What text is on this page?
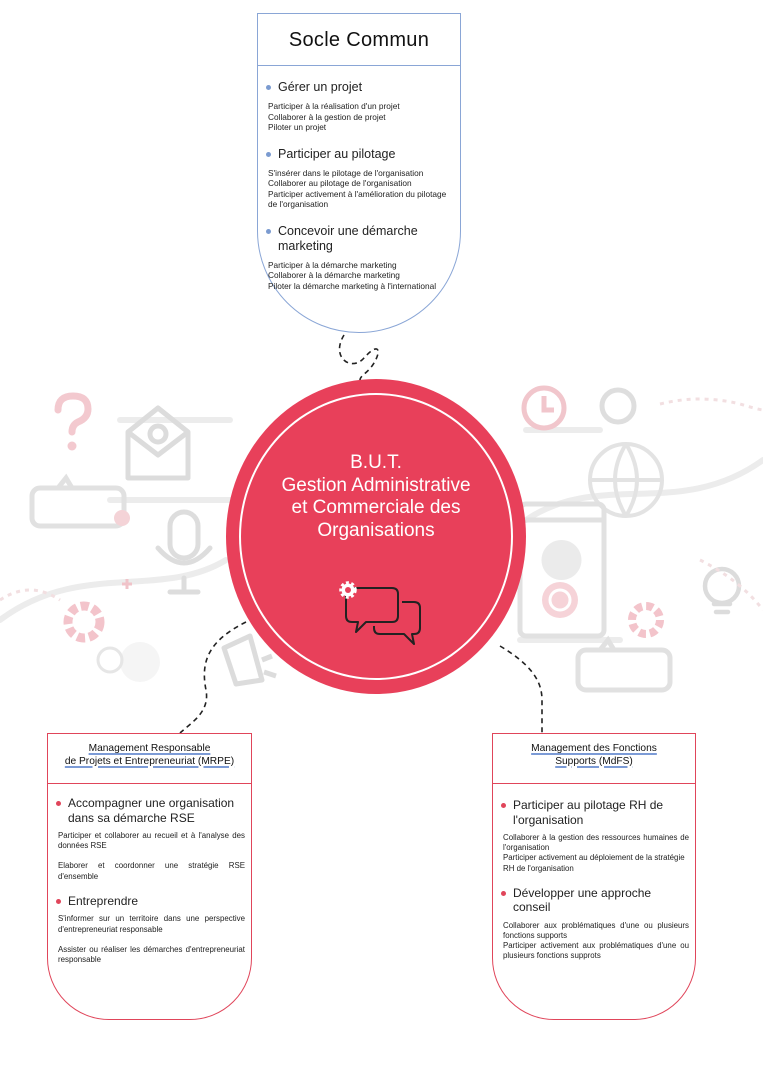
Socle Commun
Gérer un projet
Participer à la réalisation d'un projet
Collaborer à la gestion de projet
Piloter un projet
Participer au pilotage
S'insérer dans le pilotage de l'organisation
Collaborer au pilotage de l'organisation
Participer activement à l'amélioration du pilotage de l'organisation
Concevoir une démarche marketing
Participer à la démarche marketing
Collaborer à la démarche marketing
Piloter la démarche marketing à l'international
B.U.T.
Gestion Administrative
et Commerciale des
Organisations
Management Responsable
de Projets et Entrepreneuriat (MRPE)
Accompagner une organisation dans sa démarche RSE
Participer et collaborer au recueil et à l'analyse des données RSE
Elaborer et coordonner une stratégie RSE d'ensemble
Entreprendre
S'informer sur un territoire dans une perspective d'entrepreneuriat responsable
Assister ou réaliser les démarches d'entrepreneuriat responsable
Management des Fonctions
Supports (MdFS)
Participer au pilotage RH de l'organisation
Collaborer à la gestion des ressources humaines de l'organisation
Participer activement au déploiement de la stratégie
RH de l'organisation
Développer une approche conseil
Collaborer aux problématiques d'une ou plusieurs fonctions supports
Participer activement aux problématiques d'une ou plusieurs fonctions supprots
